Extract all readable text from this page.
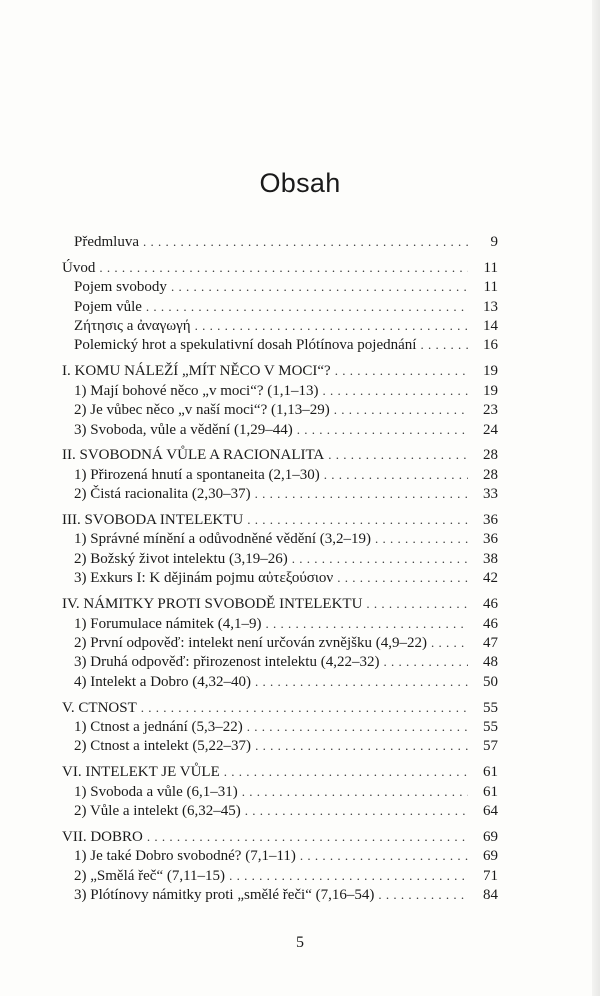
Obsah
Předmluva . . .	9
Úvod . . .	11
Pojem svobody . . .	11
Pojem vůle . . .	13
Ζήτησις a ἀναγωγή . . .	14
Polemický hrot a spekulativní dosah Plótínova pojednání . . .	16
I. KOMU NÁLEŽÍ „MÍT NĚCO V MOCI“? . . .	19
1) Mají bohové něco „v moci“? (1,1–13) . . .	19
2) Je vůbec něco „v naší moci“? (1,13–29) . . .	23
3) Svoboda, vůle a vědění (1,29–44) . . .	24
II. SVOBODNÁ VŮLE A RACIONALITA . . .	28
1) Přirozená hnutí a spontaneita (2,1–30) . . .	28
2) Čistá racionalita (2,30–37) . . .	33
III. SVOBODA INTELEKTU . . .	36
1) Správné mínění a odůvodněné vědění (3,2–19) . . .	36
2) Božský život intelektu (3,19–26) . . .	38
3) Exkurs I: K dějinám pojmu αὐτεξούσιον . . .	42
IV. NÁMITKY PROTI SVOBODĚ INTELEKTU . . .	46
1) Forumulace námitek (4,1–9) . . .	46
2) První odpověď: intelekt není určován zvnějšku (4,9–22) . . .	47
3) Druhá odpověď: přirozenost intelektu (4,22–32) . . .	48
4) Intelekt a Dobro (4,32–40) . . .	50
V. CTNOST . . .	55
1) Ctnost a jednání (5,3–22) . . .	55
2) Ctnost a intelekt (5,22–37) . . .	57
VI. INTELEKT JE VŮLE . . .	61
1) Svoboda a vůle (6,1–31) . . .	61
2) Vůle a intelekt (6,32–45) . . .	64
VII. DOBRO . . .	69
1) Je také Dobro svobodné? (7,1–11) . . .	69
2) „Smělá řeč“ (7,11–15) . . .	71
3) Plótínovy námitky proti „smělé řeči“ (7,16–54) . . .	84
5
